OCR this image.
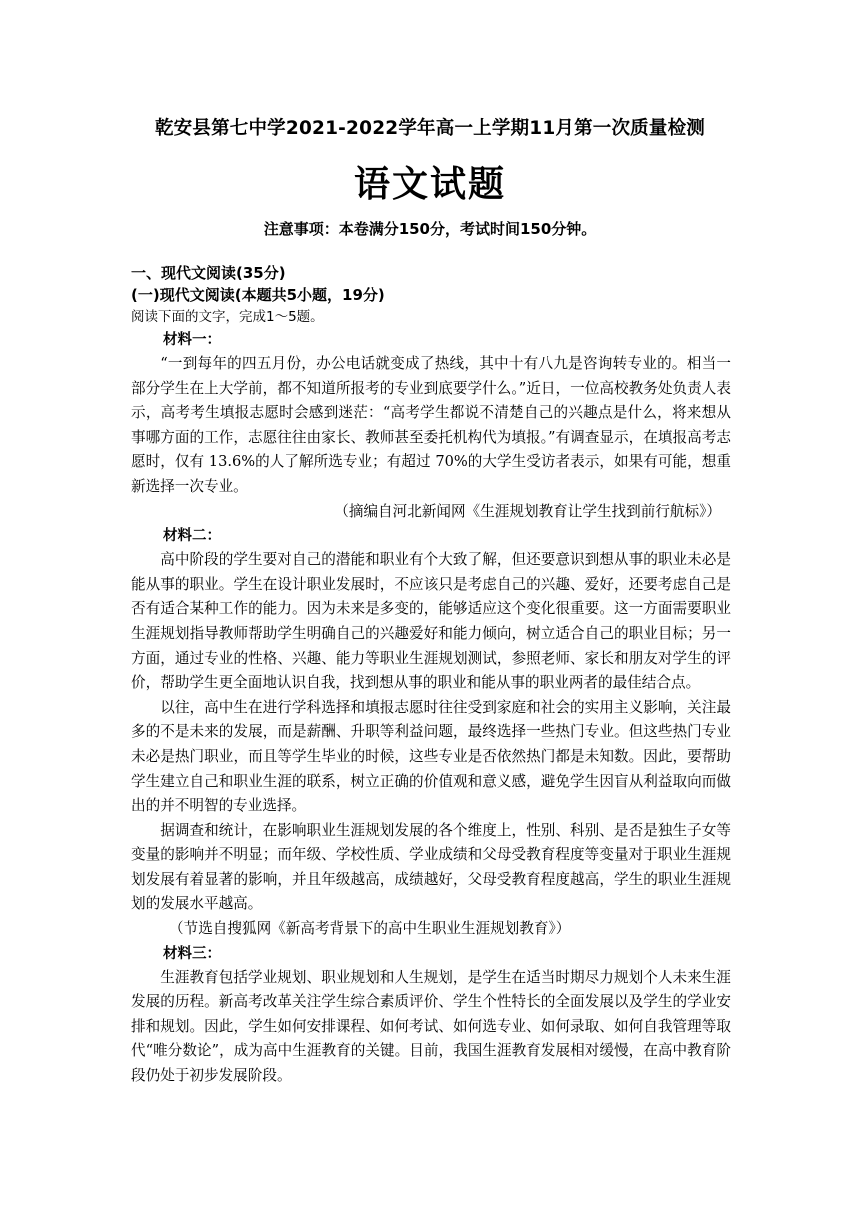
乾安县第七中学2021-2022学年高一上学期11月第一次质量检测
语文试题
注意事项：本卷满分150分，考试时间150分钟。
一、现代文阅读(35分)
(一)现代文阅读(本题共5小题，19分)
阅读下面的文字，完成1～5题。
材料一：

“一到每年的四五月份，办公电话就变成了热线，其中十有八九是咨询转专业的。相当一部分学生在上大学前，都不知道所报考的专业到底要学什么。”近日，一位高校教务处负责人表示，高考考生填报志愿时会感到迷茫：“高考学生都说不清楚自己的兴趣点是什么，将来想从事哪方面的工作，志愿往往由家长、教师甚至委托机构代为填报。”有调查显示，在填报高考志愿时，仅有 13.6%的人了解所选专业；有超过 70%的大学生受访者表示，如果有可能，想重新选择一次专业。

（摘编自河北新闻网《生涯规划教育让学生找到前行航标》）
材料二：

高中阶段的学生要对自己的潜能和职业有个大致了解，但还要意识到想从事的职业未必是能从事的职业。学生在设计职业发展时，不应该只是考虑自己的兴趣、爱好，还要考虑自己是否有适合某种工作的能力。因为未来是多变的，能够适应这个变化很重要。这一方面需要职业生涯规划指导教师帮助学生明确自己的兴趣爱好和能力倾向，树立适合自己的职业目标；另一方面，通过专业的性格、兴趣、能力等职业生涯规划测试，参照老师、家长和朋友对学生的评价，帮助学生更全面地认识自我，找到想从事的职业和能从事的职业两者的最佳结合点。

以往，高中生在进行学科选择和填报志愿时往往受到家庭和社会的实用主义影响，关注最多的不是未来的发展，而是薪酬、升职等利益问题，最终选择一些热门专业。但这些热门专业未必是热门职业，而且等学生毕业的时候，这些专业是否依然热门都是未知数。因此，要帮助学生建立自己和职业生涯的联系，树立正确的价值观和意义感，避免学生因盲从利益取向而做出的并不明智的专业选择。

据调查和统计，在影响职业生涯规划发展的各个维度上，性别、科别、是否是独生子女等变量的影响并不明显；而年级、学校性质、学业成绩和父母受教育程度等变量对于职业生涯规划发展有着显著的影响，并且年级越高，成绩越好，父母受教育程度越高，学生的职业生涯规划的发展水平越高。

（节选自搜狐网《新高考背景下的高中生职业生涯规划教育》）
材料三：

生涯教育包括学业规划、职业规划和人生规划，是学生在适当时期尽力规划个人未来生涯发展的历程。新高考改革关注学生综合素质评价、学生个性特长的全面发展以及学生的学业安排和规划。因此，学生如何安排课程、如何考试、如何选专业、如何录取、如何自我管理等取代“唯分数论”，成为高中生涯教育的关键。目前，我国生涯教育发展相对缓慢，在高中教育阶段仍处于初步发展阶段。
